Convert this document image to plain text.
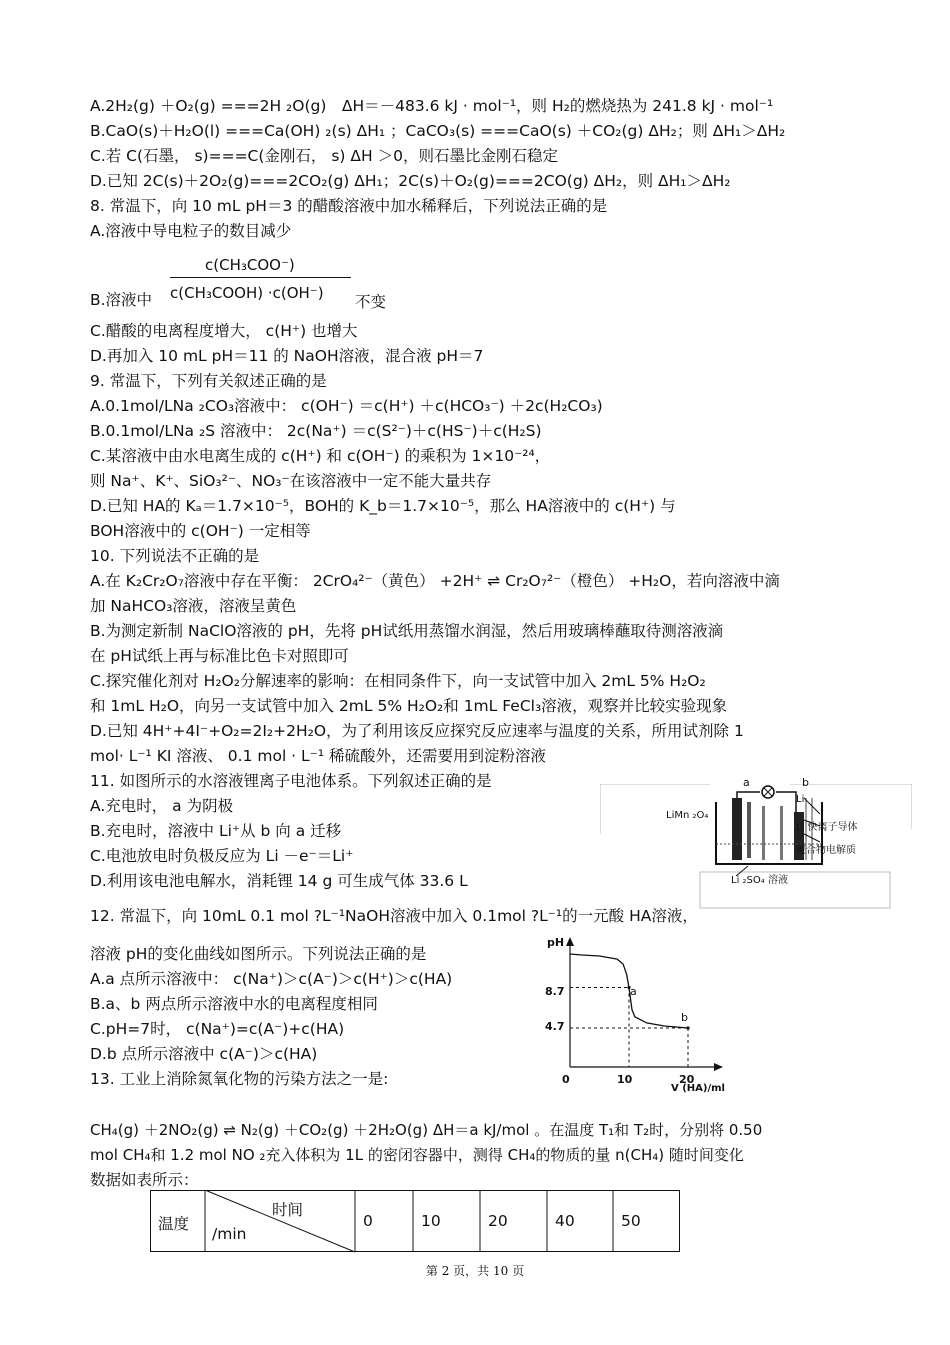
A.2H₂(g) ＋O₂(g) ===2H ₂O(g)　ΔH＝－483.6 kJ · mol⁻¹，则 H₂的燃烧热为 241.8 kJ · mol⁻¹
B.CaO(s)＋H₂O(l) ===Ca(OH) ₂(s) ΔH₁ ；CaCO₃(s) ===CaO(s) ＋CO₂(g) ΔH₂；则 ΔH₁＞ΔH₂
C.若 C(石墨， s)===C(金刚石， s) ΔH ＞0，则石墨比金刚石稳定
D.已知 2C(s)＋2O₂(g)===2CO₂(g) ΔH₁；2C(s)＋O₂(g)===2CO(g) ΔH₂，则 ΔH₁＞ΔH₂
8. 常温下，向 10 mL pH＝3 的醋酸溶液中加水稀释后，下列说法正确的是
A.溶液中导电粒子的数目减少
B.溶液中
c(CH₃COO⁻)
c(CH₃COOH) ·c(OH⁻) 不变
C.醋酸的电离程度增大， c(H⁺) 也增大
D.再加入 10 mL pH＝11 的 NaOH溶液，混合液 pH＝7
9. 常温下，下列有关叙述正确的是
A.0.1mol/LNa ₂CO₃溶液中： c(OH⁻) ＝c(H⁺) ＋c(HCO₃⁻) ＋2c(H₂CO₃)
B.0.1mol/LNa ₂S 溶液中： 2c(Na⁺) ＝c(S²⁻)＋c(HS⁻)＋c(H₂S)
C.某溶液中由水电离生成的 c(H⁺) 和 c(OH⁻) 的乘积为 1×10⁻²⁴，
则 Na⁺、K⁺、SiO₃²⁻、NO₃⁻在该溶液中一定不能大量共存
D.已知 HA的 Kₐ＝1.7×10⁻⁵，BOH的 K_b＝1.7×10⁻⁵，那么 HA溶液中的 c(H⁺) 与
BOH溶液中的 c(OH⁻) 一定相等
10. 下列说法不正确的是
A.在 K₂Cr₂O₇溶液中存在平衡： 2CrO₄²⁻（黄色） +2H⁺ ⇌ Cr₂O₇²⁻（橙色） +H₂O，若向溶液中滴
加 NaHCO₃溶液，溶液呈黄色
B.为测定新制 NaClO溶液的 pH，先将 pH试纸用蒸馏水润湿，然后用玻璃棒蘸取待测溶液滴
在 pH试纸上再与标准比色卡对照即可
C.探究催化剂对 H₂O₂分解速率的影响：在相同条件下，向一支试管中加入 2mL 5% H₂O₂
和 1mL H₂O，向另一支试管中加入 2mL 5% H₂O₂和 1mL FeCl₃溶液，观察并比较实验现象
D.已知 4H⁺+4I⁻+O₂=2I₂+2H₂O，为了利用该反应探究反应速率与温度的关系，所用试剂除 1
mol· L⁻¹ KI 溶液、 0.1 mol · L⁻¹ 稀硫酸外，还需要用到淀粉溶液
11. 如图所示的水溶液锂离子电池体系。下列叙述正确的是
A.充电时， a 为阴极
B.充电时，溶液中 Li⁺从 b 向 a 迁移
C.电池放电时负极反应为 Li －e⁻＝Li⁺
D.利用该电池电解水，消耗锂 14 g 可生成气体 33.6 L
12. 常温下，向 10mL 0.1 mol ?L⁻¹NaOH溶液中加入 0.1mol ?L⁻¹的一元酸 HA溶液，
溶液 pH的变化曲线如图所示。下列说法正确的是
A.a 点所示溶液中： c(Na⁺)＞c(A⁻)＞c(H⁺)＞c(HA)
B.a、b 两点所示溶液中水的电离程度相同
C.pH=7时， c(Na⁺)=c(A⁻)+c(HA)
D.b 点所示溶液中 c(A⁻)＞c(HA)
13. 工业上消除氮氧化物的污染方法之一是:
CH₄(g) ＋2NO₂(g) ⇌ N₂(g) ＋CO₂(g) ＋2H₂O(g) ΔH＝a kJ/mol 。在温度 T₁和 T₂时，分别将 0.50
mol CH₄和 1.2 mol NO ₂充入体积为 1L 的密闭容器中，测得 CH₄的物质的量 n(CH₄) 随时间变化
数据如表所示：
a	b
LiMn ₂O₄
Li
Li 快离子导体
聚合物电解质
Li ₂SO₄ 溶液
pH
8.7
4.7
0	10	20
V (HA)/ml
a
b
温度
时间
/min
0	10	20	40	50
第 2 页，共 10 页
